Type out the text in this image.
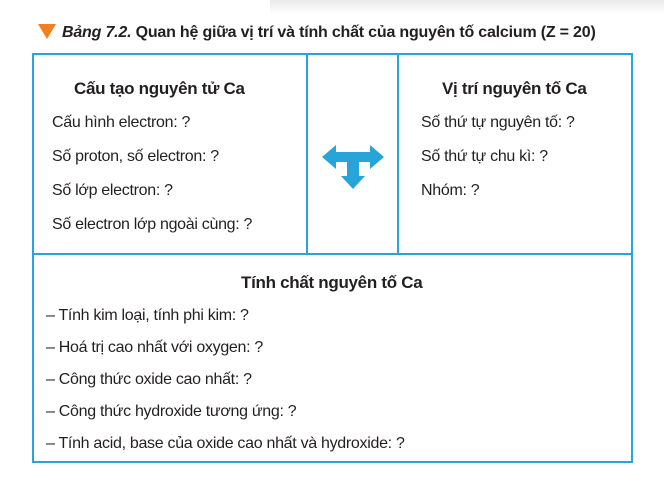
Bảng 7.2. Quan hệ giữa vị trí và tính chất của nguyên tố calcium (Z = 20)
Cấu tạo nguyên tử Ca
Cấu hình electron: ?
Số proton, số electron: ?
Số lớp electron: ?
Số electron lớp ngoài cùng: ?
Vị trí nguyên tố Ca
Số thứ tự nguyên tố: ?
Số thứ tự chu kì: ?
Nhóm: ?
Tính chất nguyên tố Ca
– Tính kim loại, tính phi kim: ?
– Hoá trị cao nhất với oxygen: ?
– Công thức oxide cao nhất: ?
– Công thức hydroxide tương ứng: ?
– Tính acid, base của oxide cao nhất và hydroxide: ?
